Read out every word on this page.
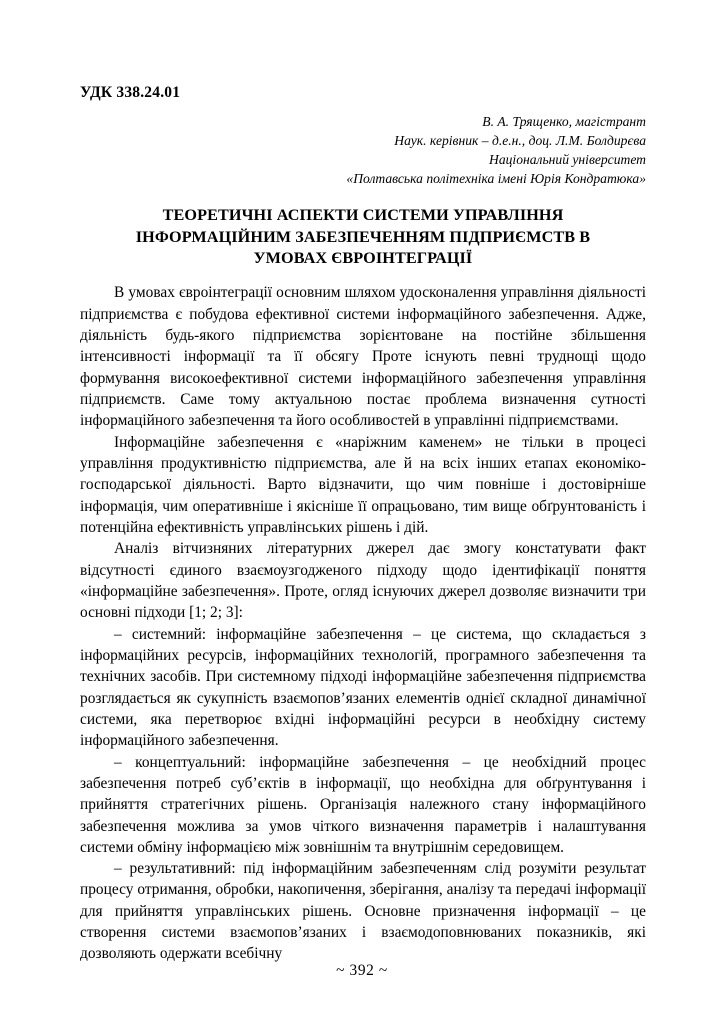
УДК 338.24.01
В. А. Трященко, магістрант
Наук. керівник – д.е.н., доц. Л.М. Болдирєва
Національний університет
«Полтавська політехніка імені Юрія Кондратюка»
ТЕОРЕТИЧНІ АСПЕКТИ СИСТЕМИ УПРАВЛІННЯ
ІНФОРМАЦІЙНИМ ЗАБЕЗПЕЧЕННЯМ ПІДПРИЄМСТВ В
УМОВАХ ЄВРОІНТЕГРАЦІЇ

В умовах євроінтеграції основним шляхом удосконалення управління діяльності підприємства є побудова ефективної системи інформаційного забезпечення. Адже, діяльність будь-якого підприємства зорієнтоване на постійне збільшення інтенсивності інформації та її обсягу Проте існують певні труднощі щодо формування високоефективної системи інформаційного забезпечення управління підприємств. Саме тому актуальною постає проблема визначення сутності інформаційного забезпечення та його особливостей в управлінні підприємствами.

Інформаційне забезпечення є «наріжним каменем» не тільки в процесі управління продуктивністю підприємства, але й на всіх інших етапах економіко-господарської діяльності. Варто відзначити, що чим повніше і достовірніше інформація, чим оперативніше і якісніше її опрацьовано, тим вище обґрунтованість і потенційна ефективність управлінських рішень і дій.

Аналіз вітчизняних літературних джерел дає змогу констатувати факт відсутності єдиного взаємоузгодженого підходу щодо ідентифікації поняття «інформаційне забезпечення». Проте, огляд існуючих джерел дозволяє визначити три основні підходи [1; 2; 3]:

– системний: інформаційне забезпечення – це система, що складається з інформаційних ресурсів, інформаційних технологій, програмного забезпечення та технічних засобів. При системному підході інформаційне забезпечення підприємства розглядається як сукупність взаємопов’язаних елементів однієї складної динамічної системи, яка перетворює вхідні інформаційні ресурси в необхідну систему інформаційного забезпечення.

– концептуальний: інформаційне забезпечення – це необхідний процес забезпечення потреб суб’єктів в інформації, що необхідна для обґрунтування і прийняття стратегічних рішень. Організація належного стану інформаційного забезпечення можлива за умов чіткого визначення параметрів і налаштування системи обміну інформацією між зовнішнім та внутрішнім середовищем.

– результативний: під інформаційним забезпеченням слід розуміти результат процесу отримання, обробки, накопичення, зберігання, аналізу та передачі інформації для прийняття управлінських рішень. Основне призначення інформації – це створення системи взаємопов’язаних і взаємодоповнюваних показників, які дозволяють одержати всебічну

~ 392 ~
